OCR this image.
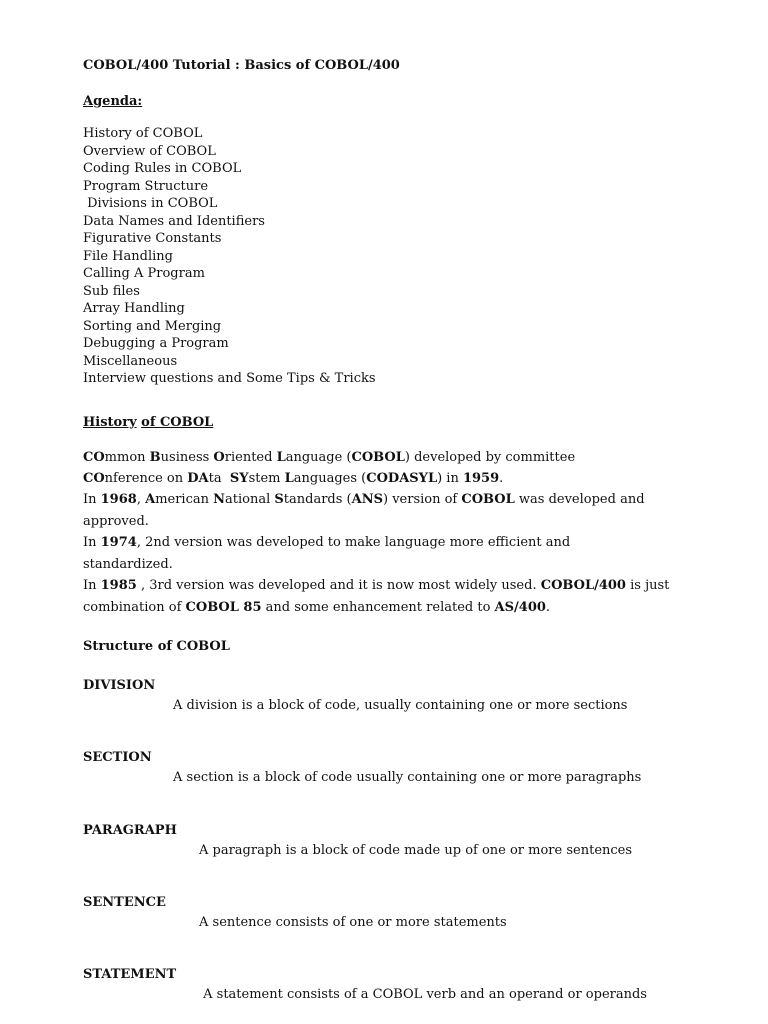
COBOL/400 Tutorial : Basics of COBOL/400
Agenda:
History of COBOL
Overview of COBOL
Coding Rules in COBOL
Program Structure
Divisions in COBOL
Data Names and Identifiers
Figurative Constants
File Handling
Calling A Program
Sub files
Array Handling
Sorting and Merging
Debugging a Program
Miscellaneous
Interview questions and Some Tips & Tricks
History of COBOL
COmmon Business Oriented Language (COBOL) developed by committee
COnference on DAta  SYstem Languages (CODASYL) in 1959.
In 1968, American National Standards (ANS) version of COBOL was developed and
approved.
In 1974, 2nd version was developed to make language more efficient and
standardized.
In 1985 , 3rd version was developed and it is now most widely used. COBOL/400 is just
combination of COBOL 85 and some enhancement related to AS/400.
Structure of COBOL
DIVISION
A division is a block of code, usually containing one or more sections
SECTION
A section is a block of code usually containing one or more paragraphs
PARAGRAPH
A paragraph is a block of code made up of one or more sentences
SENTENCE
A sentence consists of one or more statements
STATEMENT
A statement consists of a COBOL verb and an operand or operands
